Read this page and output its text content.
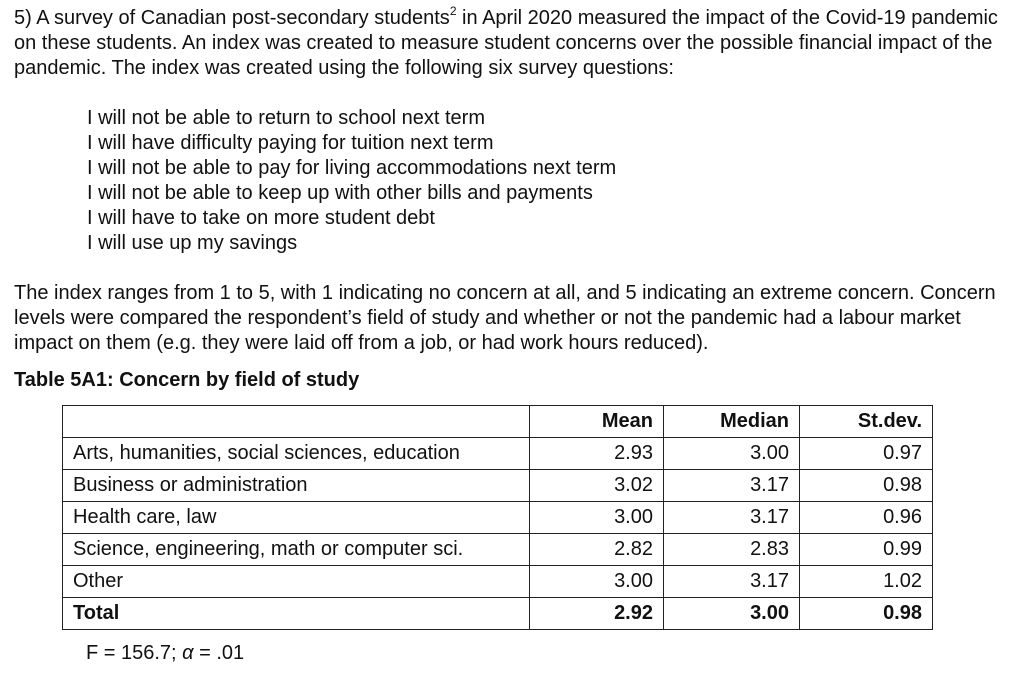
5) A survey of Canadian post-secondary students$^2$ in April 2020 measured the impact of the Covid-19 pandemic on these students. An index was created to measure student concerns over the possible financial impact of the pandemic. The index was created using the following six survey questions:

I will not be able to return to school next term
I will have difficulty paying for tuition next term
I will not be able to pay for living accommodations next term
I will not be able to keep up with other bills and payments
I will have to take on more student debt
I will use up my savings

The index ranges from 1 to 5, with 1 indicating no concern at all, and 5 indicating an extreme concern. Concern levels were compared the respondent’s field of study and whether or not the pandemic had a labour market impact on them (e.g. they were laid off from a job, or had work hours reduced).

Table 5A1: Concern by field of study
	Mean	Median	St.dev.
Arts, humanities, social sciences, education	2.93	3.00	0.97
Business or administration	3.02	3.17	0.98
Health care, law	3.00	3.17	0.96
Science, engineering, math or computer sci.	2.82	2.83	0.99
Other	3.00	3.17	1.02
Total	2.92	3.00	0.98
F = 156.7; α = .01
